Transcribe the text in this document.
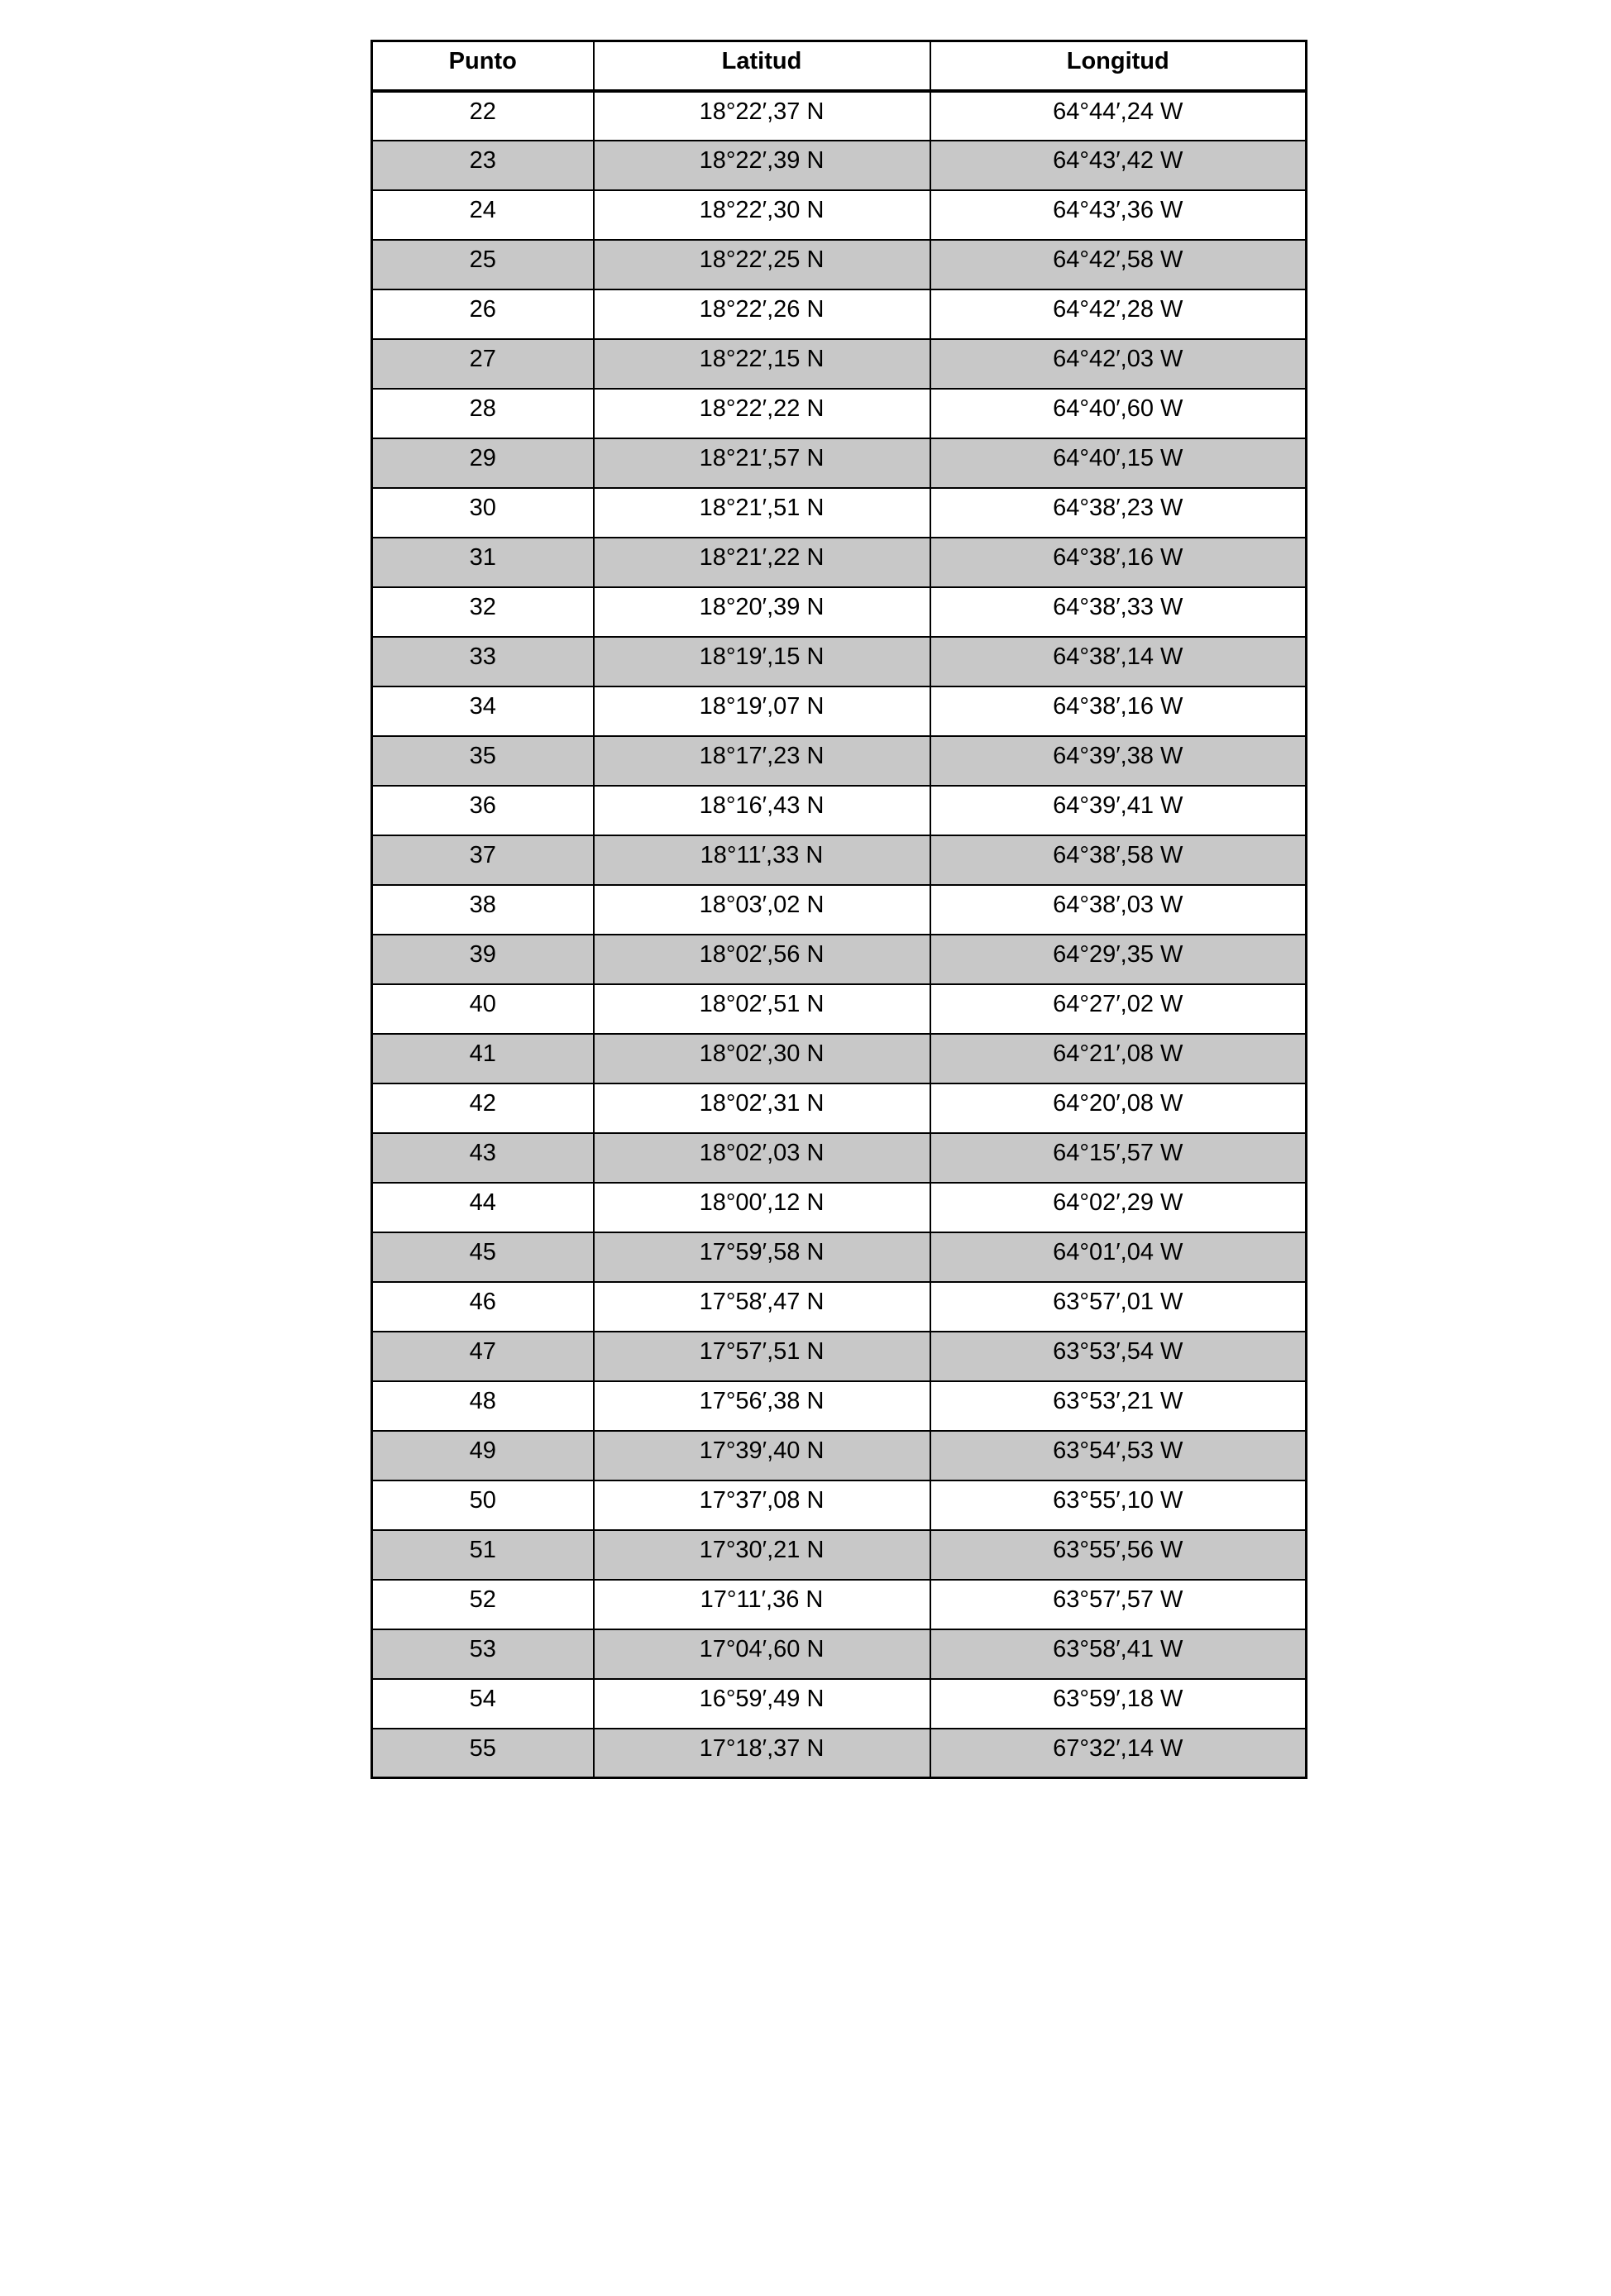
Punto	Latitud	Longitud
22	18°22′,37 N	64°44′,24 W
23	18°22′,39 N	64°43′,42 W
24	18°22′,30 N	64°43′,36 W
25	18°22′,25 N	64°42′,58 W
26	18°22′,26 N	64°42′,28 W
27	18°22′,15 N	64°42′,03 W
28	18°22′,22 N	64°40′,60 W
29	18°21′,57 N	64°40′,15 W
30	18°21′,51 N	64°38′,23 W
31	18°21′,22 N	64°38′,16 W
32	18°20′,39 N	64°38′,33 W
33	18°19′,15 N	64°38′,14 W
34	18°19′,07 N	64°38′,16 W
35	18°17′,23 N	64°39′,38 W
36	18°16′,43 N	64°39′,41 W
37	18°11′,33 N	64°38′,58 W
38	18°03′,02 N	64°38′,03 W
39	18°02′,56 N	64°29′,35 W
40	18°02′,51 N	64°27′,02 W
41	18°02′,30 N	64°21′,08 W
42	18°02′,31 N	64°20′,08 W
43	18°02′,03 N	64°15′,57 W
44	18°00′,12 N	64°02′,29 W
45	17°59′,58 N	64°01′,04 W
46	17°58′,47 N	63°57′,01 W
47	17°57′,51 N	63°53′,54 W
48	17°56′,38 N	63°53′,21 W
49	17°39′,40 N	63°54′,53 W
50	17°37′,08 N	63°55′,10 W
51	17°30′,21 N	63°55′,56 W
52	17°11′,36 N	63°57′,57 W
53	17°04′,60 N	63°58′,41 W
54	16°59′,49 N	63°59′,18 W
55	17°18′,37 N	67°32′,14 W
